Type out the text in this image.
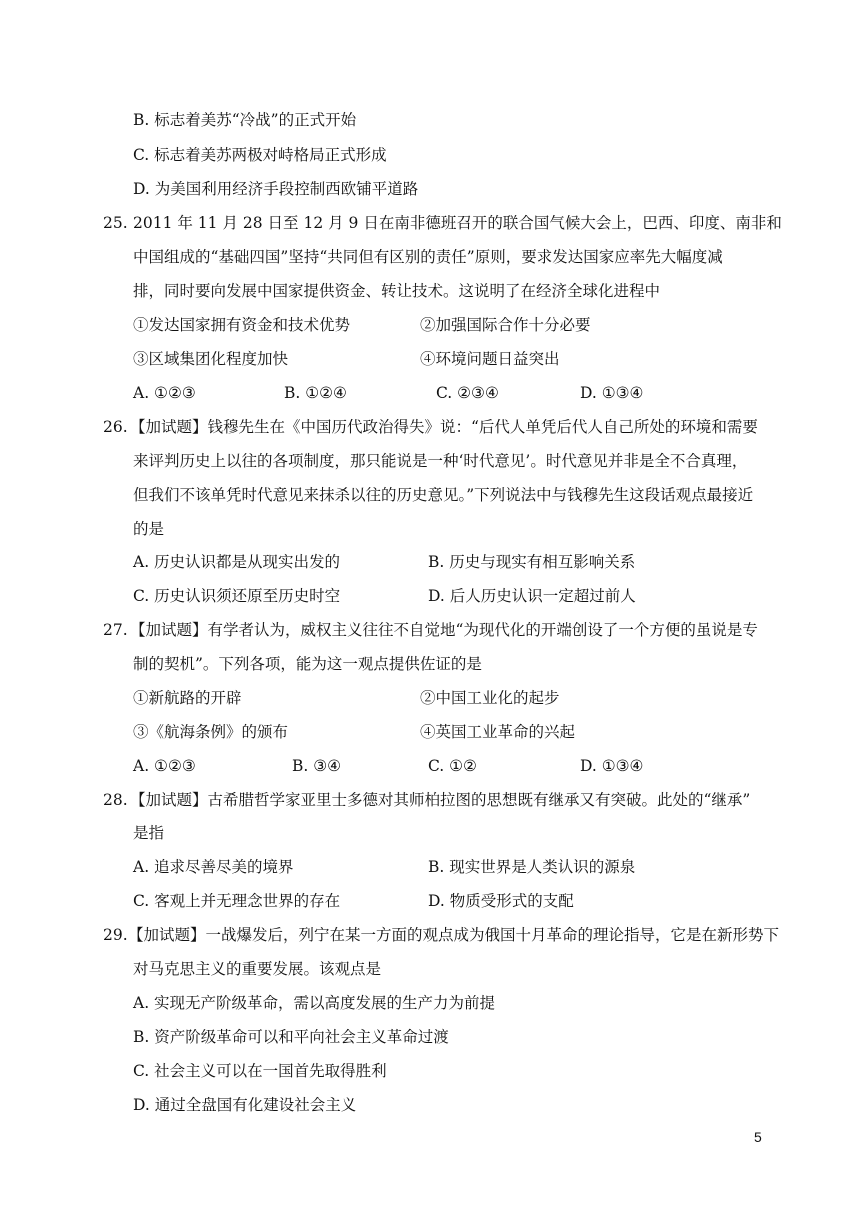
B. 标志着美苏“冷战”的正式开始
C. 标志着美苏两极对峙格局正式形成
D. 为美国利用经济手段控制西欧铺平道路
25. 2011 年 11 月 28 日至 12 月 9 日在南非德班召开的联合国气候大会上，巴西、印度、南非和
中国组成的“基础四国”坚持“共同但有区别的责任”原则，要求发达国家应率先大幅度减
排，同时要向发展中国家提供资金、转让技术。这说明了在经济全球化进程中
①发达国家拥有资金和技术优势	②加强国际合作十分必要
③区域集团化程度加快	④环境问题日益突出
A. ①②③	B. ①②④	C. ②③④	D. ①③④
26. 【加试题】钱穆先生在《中国历代政治得失》说：“后代人单凭后代人自己所处的环境和需要
来评判历史上以往的各项制度，那只能说是一种‘时代意见’。时代意见并非是全不合真理，
但我们不该单凭时代意见来抹杀以往的历史意见。”下列说法中与钱穆先生这段话观点最接近
的是
A. 历史认识都是从现实出发的	B. 历史与现实有相互影响关系
C. 历史认识须还原至历史时空	D. 后人历史认识一定超过前人
27. 【加试题】有学者认为，威权主义往往不自觉地“为现代化的开端创设了一个方便的虽说是专
制的契机”。下列各项，能为这一观点提供佐证的是
①新航路的开辟	②中国工业化的起步
③《航海条例》的颁布	④英国工业革命的兴起
A. ①②③	B. ③④	C. ①②	D. ①③④
28. 【加试题】古希腊哲学家亚里士多德对其师柏拉图的思想既有继承又有突破。此处的“继承”
是指
A. 追求尽善尽美的境界	B. 现实世界是人类认识的源泉
C. 客观上并无理念世界的存在	D. 物质受形式的支配
29. 【加试题】一战爆发后，列宁在某一方面的观点成为俄国十月革命的理论指导，它是在新形势下
对马克思主义的重要发展。该观点是
A. 实现无产阶级革命，需以高度发展的生产力为前提
B. 资产阶级革命可以和平向社会主义革命过渡
C. 社会主义可以在一国首先取得胜利
D. 通过全盘国有化建设社会主义
5
